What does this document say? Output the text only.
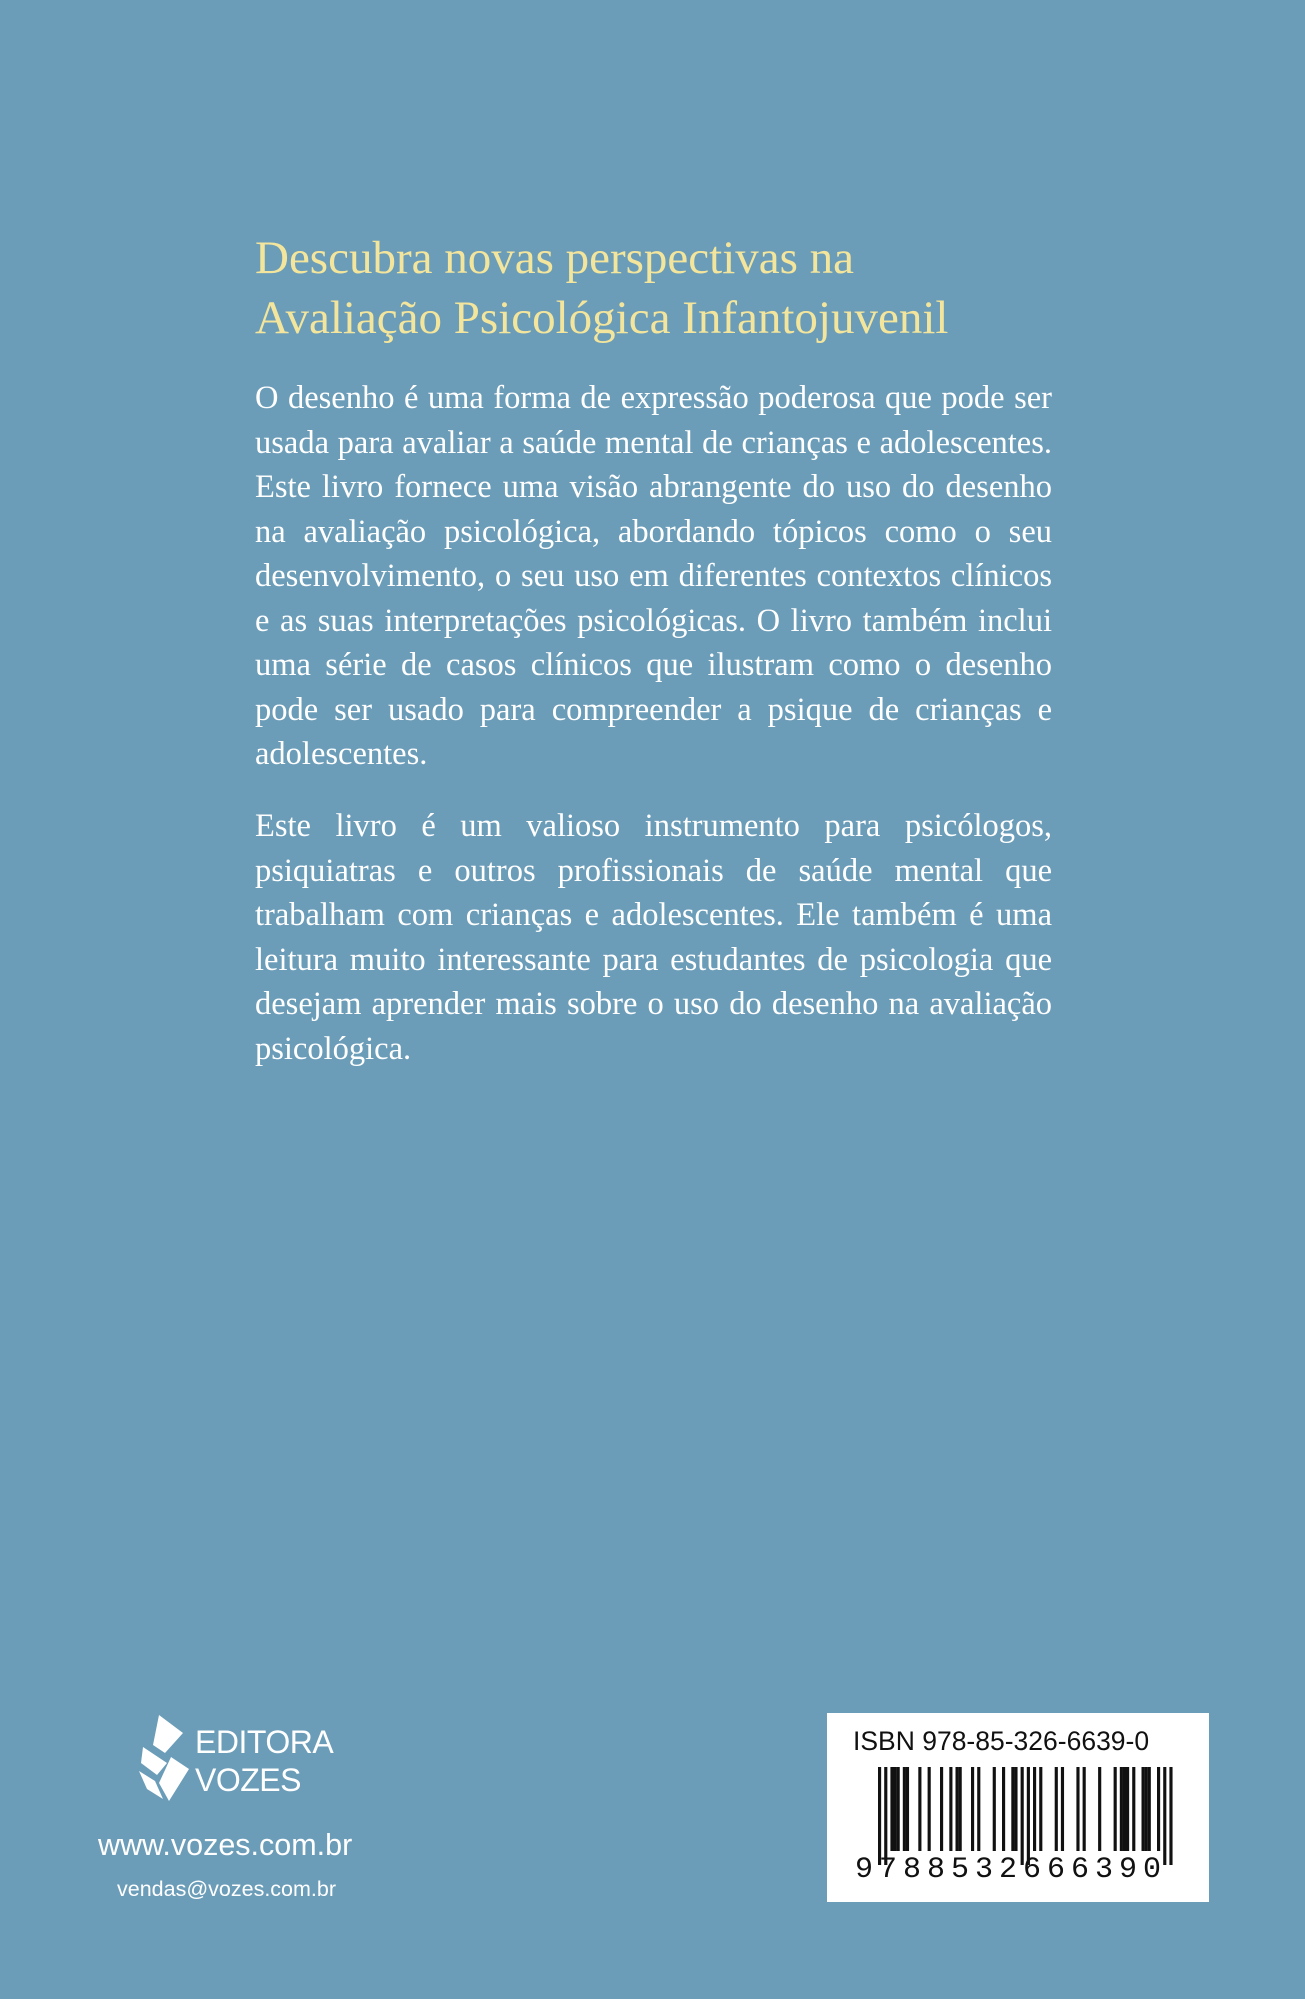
Descubra novas perspectivas na
Avaliação Psicológica Infantojuvenil

O desenho é uma forma de expressão poderosa que pode ser usada para avaliar a saúde mental de crianças e adolescentes. Este livro fornece uma visão abrangente do uso do desenho na avaliação psicológica, abordando tópicos como o seu desenvolvimento, o seu uso em diferentes contextos clínicos e as suas interpretações psicológicas. O livro também inclui uma série de casos clínicos que ilustram como o desenho pode ser usado para compreender a psique de crianças e adolescentes.

Este livro é um valioso instrumento para psicólogos, psiquiatras e outros profissionais de saúde mental que trabalham com crianças e adolescentes. Ele também é uma leitura muito interessante para estudantes de psicologia que desejam aprender mais sobre o uso do desenho na avaliação psicológica.

EDITORA
VOZES
www.vozes.com.br
vendas@vozes.com.br
ISBN 978-85-326-6639-0
9788532666390
